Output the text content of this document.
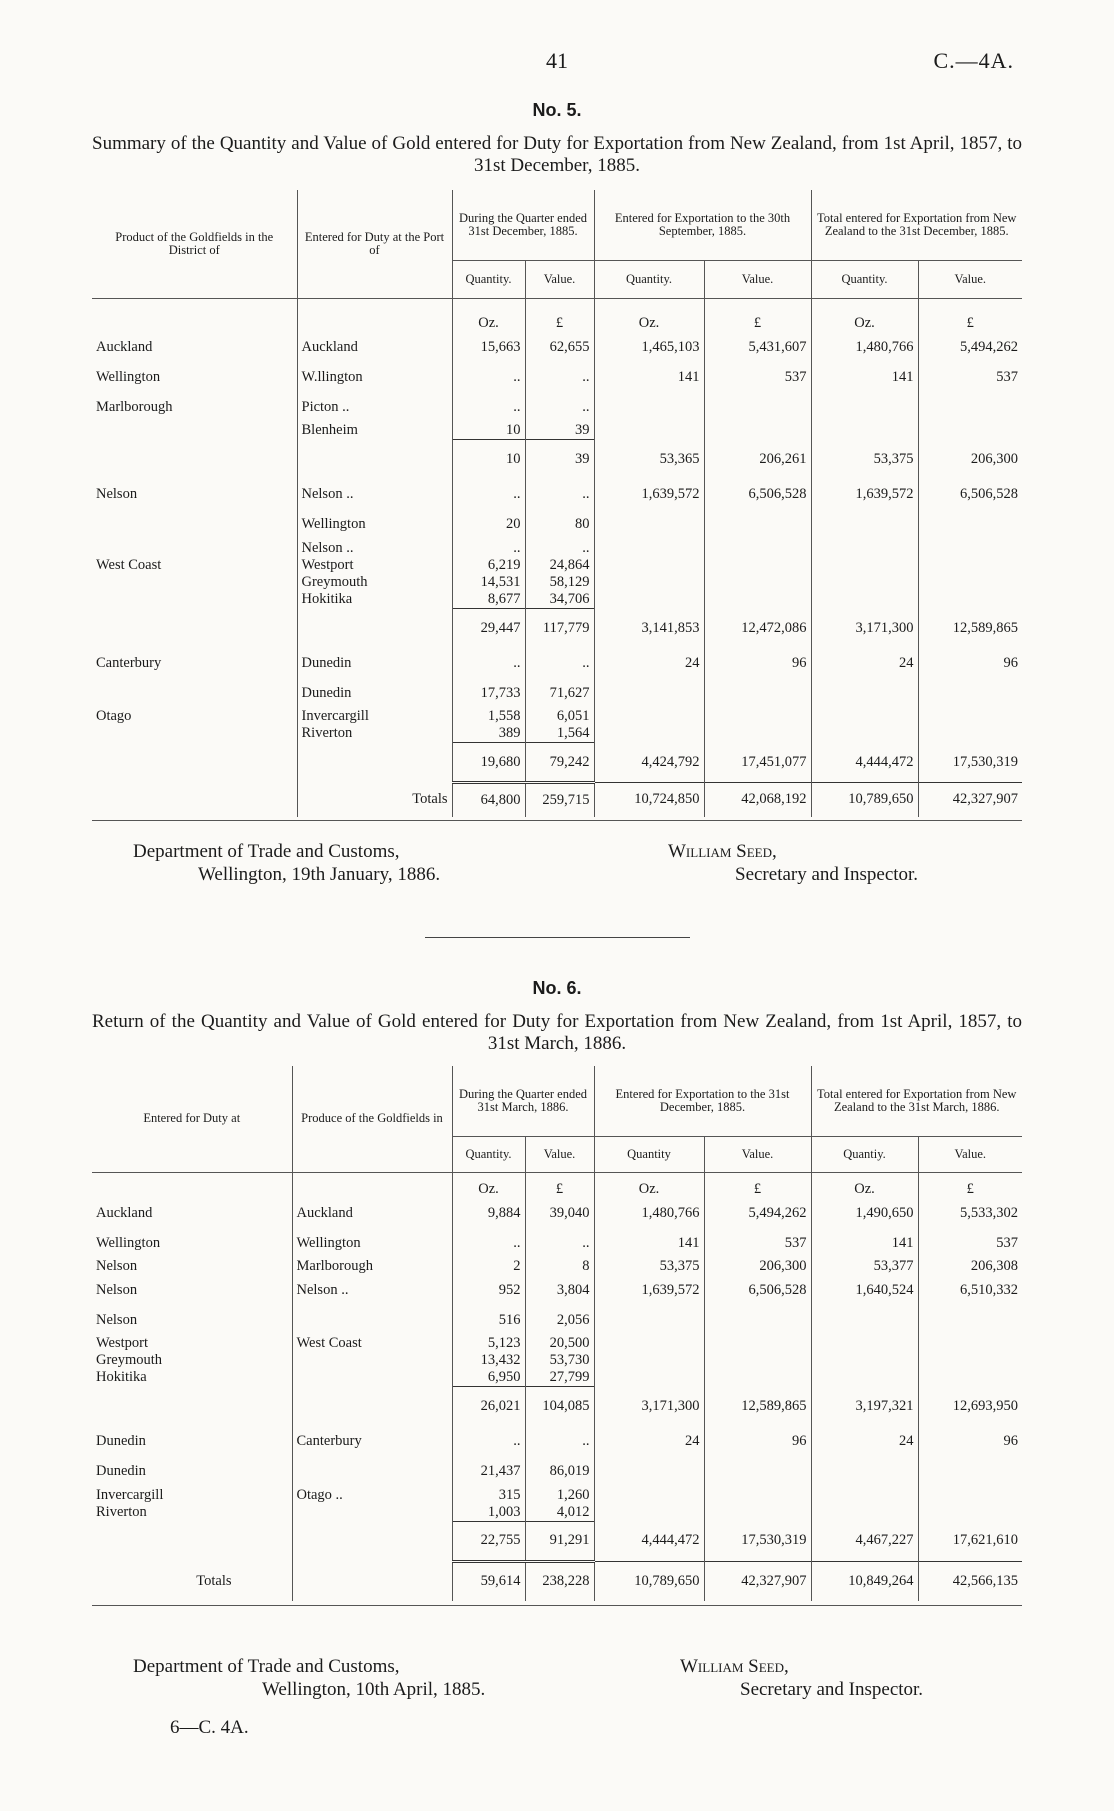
41	C.—4A.
No. 5.
Summary of the Quantity and Value of Gold entered for Duty for Exportation from New Zealand, from 1st April, 1857, to 31st December, 1885.
Product of the Goldfields in the District of	Entered for Duty at the Port of	During the Quarter ended 31st December, 1885.		Entered for Exportation to the 30th September, 1885.		Total entered for Exportation from New Zealand to the 31st December, 1885.	
		Quantity.	Value.	Quantity.	Value.	Quantity.	Value.
		Oz.	£	Oz.	£	Oz.	£
Auckland	Auckland	15,663	62,655	1,465,103	5,431,607	1,480,766	5,494,262
Wellington	W.llington	..	..	141	537	141	537
Marlborough	Picton ..	..	..				
	Blenheim	10	39				
		10	39	53,365	206,261	53,375	206,300
Nelson	Nelson ..	..	..	1,639,572	6,506,528	1,639,572	6,506,528
	Wellington	20	80				
	Nelson ..	..	..				
West Coast	Westport	6,219	24,864				
	Greymouth	14,531	58,129				
	Hokitika	8,677	34,706				
		29,447	117,779	3,141,853	12,472,086	3,171,300	12,589,865
Canterbury	Dunedin	..	..	24	96	24	96
	Dunedin	17,733	71,627				
Otago	Invercargill	1,558	6,051				
	Riverton	389	1,564				
		19,680	79,242	4,424,792	17,451,077	4,444,472	17,530,319
	Totals	64,800	259,715	10,724,850	42,068,192	10,789,650	42,327,907

Department of Trade and Customs,
Wellington, 19th January, 1886.
William Seed,
Secretary and Inspector.
No. 6.
Return of the Quantity and Value of Gold entered for Duty for Exportation from New Zealand, from 1st April, 1857, to 31st March, 1886.
Entered for Duty at	Produce of the Goldfields in	During the Quarter ended 31st March, 1886.		Entered for Exportation to the 31st December, 1885.		Total entered for Exportation from New Zealand to the 31st March, 1886.	
		Quantity.	Value.	Quantity	Value.	Quantiy.	Value.
		Oz.	£	Oz.	£	Oz.	£
Auckland	Auckland	9,884	39,040	1,480,766	5,494,262	1,490,650	5,533,302
Wellington	Wellington	..	..	141	537	141	537
Nelson	Marlborough	2	8	53,375	206,300	53,377	206,308
Nelson	Nelson ..	952	3,804	1,639,572	6,506,528	1,640,524	6,510,332
Nelson		516	2,056				
Westport	West Coast	5,123	20,500				
Greymouth		13,432	53,730				
Hokitika		6,950	27,799				
		26,021	104,085	3,171,300	12,589,865	3,197,321	12,693,950
Dunedin	Canterbury	..	..	24	96	24	96
Dunedin		21,437	86,019				
Invercargill	Otago ..	315	1,260				
Riverton		1,003	4,012				
		22,755	91,291	4,444,472	17,530,319	4,467,227	17,621,610
Totals		59,614	238,228	10,789,650	42,327,907	10,849,264	42,566,135

Department of Trade and Customs,
Wellington, 10th April, 1885.
William Seed,
Secretary and Inspector.
6—C. 4A.
